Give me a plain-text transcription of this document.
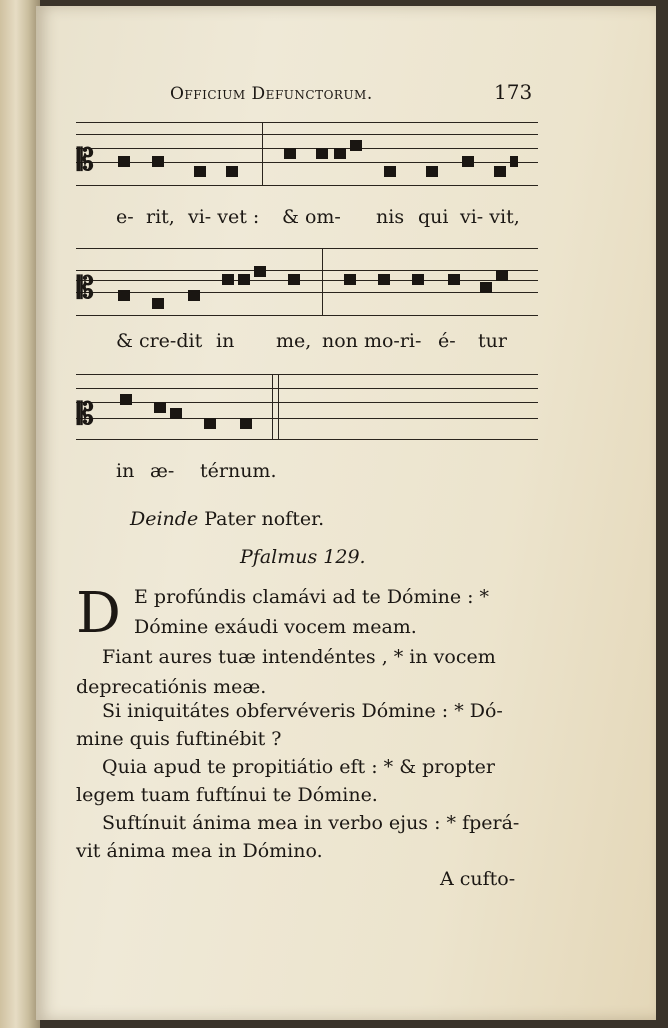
Officium Defunctorum.	173
𝄡
e- rit, vi- vet : & om- nis qui vi- vit,
𝄡
& cre-dit in me, non mo-ri- é- tur
𝄡
in æ- térnum.
Deinde Pater nofter.
Pfalmus 129.
D E profúndis clamávi ad te Dómine : *
Dómine exáudi vocem meam.
Fiant aures tuæ intendéntes , * in vocem
deprecatiónis meæ.
Si iniquitátes obfervéveris Dómine : * Dó-
mine quis fuftinébit ?
Quia apud te propitiátio eft : * & propter
legem tuam fuftínui te Dómine.
Suftínuit ánima mea in verbo ejus : * fperá-
vit ánima mea in Dómino.
A cufto-
